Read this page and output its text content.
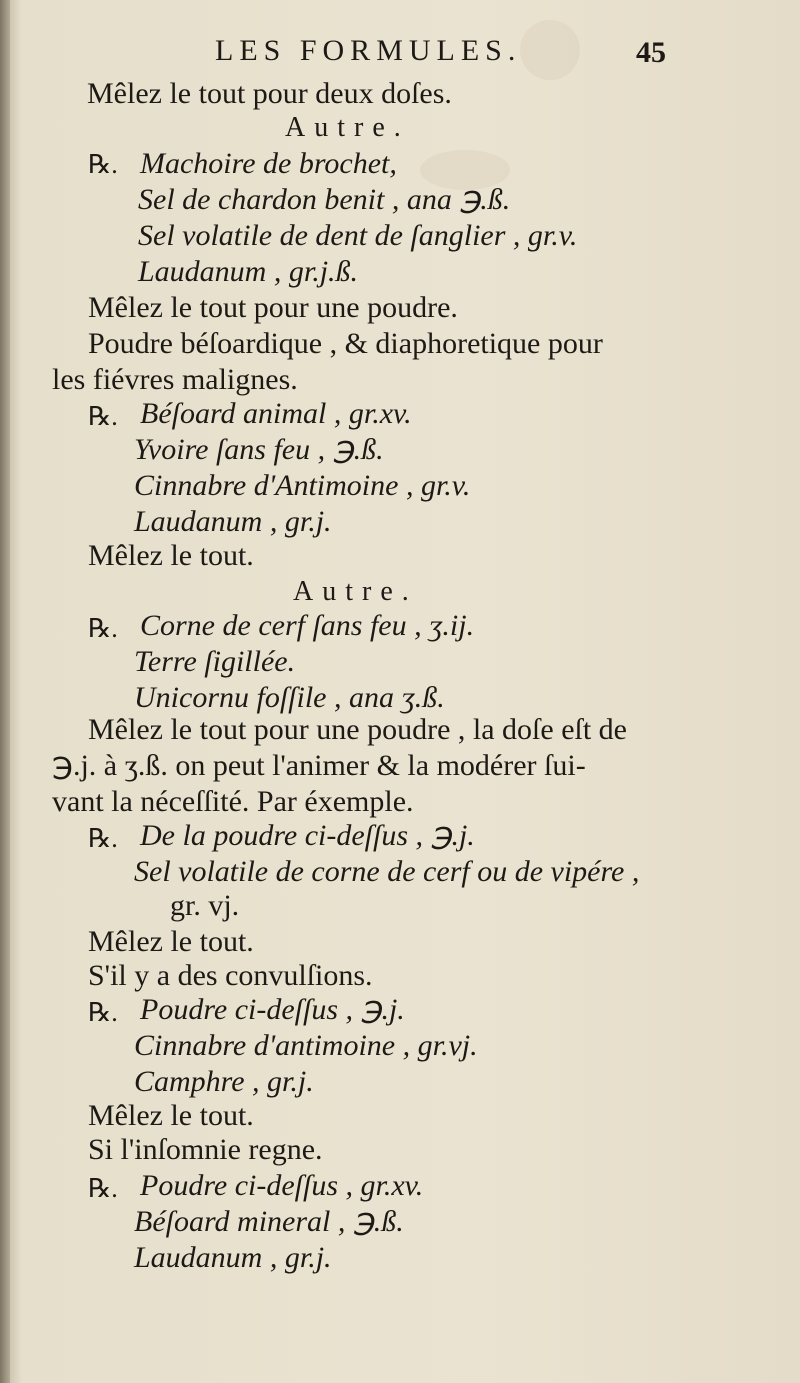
LES FORMULES.	45
Mêlez le tout pour deux doſes.
Autre.
℞. Machoire de brochet,
Sel de chardon benit , ana ℈.ß.
Sel volatile de dent de ſanglier , gr.v.
Laudanum , gr.j.ß.
Mêlez le tout pour une poudre.
Poudre béſoardique , & diaphoretique pour
les fiévres malignes.
℞. Béſoard animal , gr.xv.
Yvoire ſans feu , ℈.ß.
Cinnabre d'Antimoine , gr.v.
Laudanum , gr.j.
Mêlez le tout.
Autre.
℞. Corne de cerf ſans feu , ʒ.ij.
Terre ſigillée.
Unicornu foſſile , ana ʒ.ß.
Mêlez le tout pour une poudre , la doſe eſt de
℈.j. à ʒ.ß. on peut l'animer & la modérer ſui-
vant la néceſſité. Par éxemple.
℞. De la poudre ci-deſſus , ℈.j.
Sel volatile de corne de cerf ou de vipére ,
gr. vj.
Mêlez le tout.
S'il y a des convulſions.
℞. Poudre ci-deſſus , ℈.j.
Cinnabre d'antimoine , gr.vj.
Camphre , gr.j.
Mêlez le tout.
Si l'inſomnie regne.
℞. Poudre ci-deſſus , gr.xv.
Béſoard mineral , ℈.ß.
Laudanum , gr.j.
